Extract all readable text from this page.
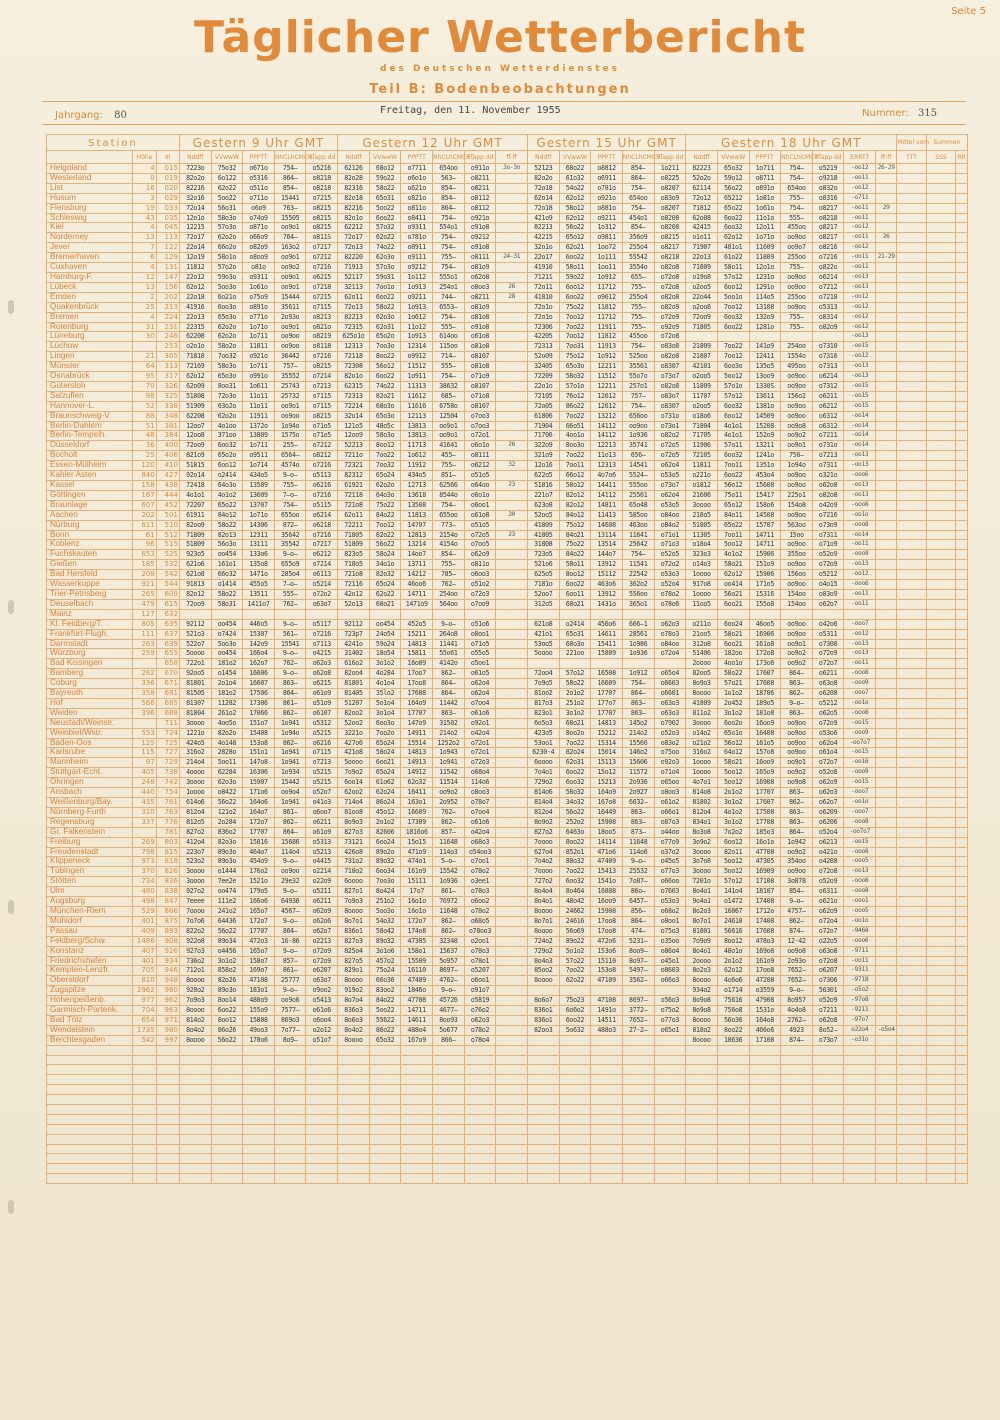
Seite 5
Täglicher Wetterbericht
des Deutschen Wetterdienstes
Teil B: Bodenbeobachtungen
Jahrgang: 80	Freitag, den 11. November 1955	Nummer: 315
Station			Gestern 9 Uhr GMT					Gestern 12 Uhr GMT						Gestern 15 Uhr GMT					Gestern 18 Uhr GMT							Mittel vom	Summen	
	Höhe	III	Nddff	VVwwW	PPPTT	NhCLhCMCH	TTapp dd	Nddff	VVwwW	PPPTT	NhCLhCMCH	TTapp dd	ff-ff	Nddff	VVwwW	PPPTT	NhCLhCMCH	TTapp dd	Nddff	VVwwW	PPPTT	NhCLhCMCH	TTapp dd	ERRTT	ff-ff	TTT	SSS	RR
Helgoland	4	015	7223o	75o32	o671o	754—	o5216	62126	68o12	o7711	654oo	o911o	3o-3o	52123	68o22	o8812	854—	1o211	82223	65o32	1o711	754—	o5219	-oo12	26-29			
Westerland	0	019	82o2o	6o122	o5316	864—	o8218	82o28	59o22	o6o1o	563—	o8211		82o2o	61o32	o6911	864—	o8225	52o2o	59o12	o8711	754—	o9218	-oo11				
List	16	020	82216	62o22	o511o	854—	o8218	82316	58o22	o621o	854—	o8211		72o18	54o22	o781o	754—	o8207	62114	56o22	o891o	654oo	o832o	-oo12				
Husum	3	029	32o16	5oo22	o711o	15441	o7215	82o18	65o31	o821o	854—	o8112		62o14	62o12	o921o	654oo	o83o9	72o12	65212	1o81o	755—	o8316	-o711				
Flensburg	19	033	72o14	56o31	o6o9	763—	o8215	82216	5oo22	o811o	864—	o8112		72o18	58o12	o881o	754—	o8207	71812	65o22	1o61o	754—	o8217	-oo11	29			
Schleswig	43	035	12o1o	58o3o	o74o9	15505	o8215	82o1o	6oo22	o8411	754—	o921o		421o9	62o12	o9211	454o1	o8208	62o08	6oo22	11o1o	555—	o8218	-oo11				
Kiel	4	045	12215	57o3o	o871o	oo9o1	o8215	62212	57o32	o9311	554o1	o91o8		82213	56o22	1o312	854—	o8208	42415	6oo32	12o11	455oo	o8217	-oo12				
Norderney	13	113	72o17	62o2o	o66o9	764—	o811S	72o17	62o22	o781o	754—	o9212		42215	65o12	o9811	356o9	o8215	o1o11	62o12	1o71o	oo9oo	o8217	-oo11	26			
Jever	7	122	22o14	66o2o	o82o9	163o2	o7217	72o13	74o22	o8911	754—	o91o8		32o1o	62o21	1oo72	255o4	o8217	71907	481o1	11609	oo9o7	o8216	-oo12				
Bremerhaven	6	129	12o19	58o1o	o8oo9	oo9o1	o7212	82220	62o3o	o9111	755—	o8111	24-31	22o17	6oo22	1o111	55542	o8218	22o13	61o22	11809	255oo	o7216	-oo11	21-29			
Cuxhaven	4	131	11812	57o2o	o81o	oo9o2	o7216	71913	57o3o	o9212	754—	o81o9		41910	58o11	1oo11	3554o	o82o8	71809	58o11	12o1o	755—	o822o	-oo11				
Hamburg-F.	12	147	22o12	59o3o	o9311	oo9o1	o6215	52117	59o31	1o112	555o1	o62o8		71211	59o22	1o912	655—	o72o8	o19o8	57o12	1231o	oo9oo	o6214	-oo13				
Lübeck	13	156	62o12	5oo3o	1o61o	oo9o1	o7218	32113	7oo1o	1o913	254o1	o8oo3	26	72o11	6oo12	11712	755—	o72o8	o2oo5	6oo12	1291o	oo9oo	o7212	-oo13				
Emden	2	202	22o18	6o21o	o75o9	15444	o7215	62o11	6oo22	o9211	744—	o8211	28	41810	6oo22	o9612	255o4	o82o8	22o44	5oo1o	114o5	255oo	o7218	-oo12				
Quakenbrück	25	213	41916	6oo3o	o891o	35611	o7115	72o13	58o22	1o913	6553—	o81o9		72o1o	75o22	11812	755—	o82o9	o2oo8	7oo12	13108	oo9oo	o5313	-oo12				
Bremen	4	224	22o13	65o3o	o771o	2o93o	o8213	82213	62o3o	1o612	754—	o81o8		72o1o	7oo12	11712	755—	o72o9	72oo9	6oo32	132o9	755—	o8314	-oo12				
Rotenburg	31	231	22315	62o2o	1o71o	oo9o1	o821o	72315	62o31	11o12	555—	o91o8		72306	7oo22	11911	755—	o92o9	71805	6oo22	1281o	755—	o82o9	-oo12				
Lüneburg	30	246	62208	62o2o	1o711	oo9oo	o8219	625o1o	65o2o	1o913	614oo	o61o8		42205	7oo12	11812	455oo	o72o8						-oo13				
Lüchow		253	o2o1o	58o2o	11811	oo9oo	o8118	12313	7oo3o	12314	115oo	o81o8		72313	7oo31	11913	754—	o83o8	21809	7oo22	141o9	254oo	o7310	-oo15				
Lingen	21	305	71810	7oo32	o921o	36442	o7216	72118	8oo22	o9912	714—	o8107		52o09	75o12	1o912	525oo	o82o8	21807	7oo12	12411	1554o	o7316	-oo12				
Münster	64	313	72169	58o3o	1o711	757—	o8215	72308	56o12	11512	555—	o81o8		32405	65o3o	12211	35561	o8307	42101	6oo3o	135o5	495oo	o7313	-oo13				
Osnabrück	95	317	62o12	65o3o	o991o	35552	o7214	82o1o	6oo22	1o911	754—	o71o9		72209	58o32	11512	55o7o	o73o7	o2oo5	5oo12	13oo9	oo9oo	o6214	-oo13				
Gütersloh	70	326	62o09	8oo31	1o611	25743	o7213	62315	74o22	11313	38632	o8107		22o1o	57o1o	12211	257o1	o82o8	11809	57o1o	1330S	oo9oo	o7312	-oo15				
Salzuflen	98	325	51808	72o3o	11o11	25732	o7115	72313	82o21	11612	685—	o71o8		72105	76o12	12612	757—	o83o7	11707	57o12	13611	156o2	o6211	-oo15				
Hannover-L.	52	338	51909	63o2o	11o11	oo9o1	o7115	72214	68o3o	11616	6758o	o8107		72o05	86o22	12612	754—	o8307	o2oo5	6oo32	1381o	oo9oo	o6212	-oo15				
Braunschweig-V.	88	348	62208	62o2o	11911	oo9oo	o8215	32o14	65o3o	12113	12504	o7oo3		61806	7oo22	13212	656oo	o731o	o18o6	6oo12	14509	oo9oo	o6312	-oo14				
Berlin-Dahlem	51	381	12oo7	4o1oo	1372o	1o94o	o71o5	121o5	48o5c	13813	oo9o1	o7oo3		71904	66o51	14112	oo9oo	o73o1	71804	4o1o1	15208	oo9o8	o6312	-oo14				
Berlin-Tempelh.	48	384	12oo8	371oo	13809	1575o	o71o5	12oo9	58o3o	13813	oo9o1	o72o1		71706	4oo1o	14112	1o936	o82o2	71705	4o1o1	152o9	oo9o2	o7211	-oo14				
Düsseldorf	36	400	72oo9	6oo32	1o711	255—	o7212	52213	8oo12	11713	41641	o6o1o	26	322o9	8oo3o	12213	35741	o72o5	11906	57o11	13211	oo9o1	o731o	-oo14				
Bocholt	25	406	821o9	65o2o	o9511	6564—	o8212	7211o	7oo22	1o612	455—	o8111		321o9	7oo22	11o13	656—	o72o5	72105	6oo32	1241o	756—	o7213	-oo13				
Essen-Mülheim	120	410	51815	6oo12	1o714	4574o	o7216	72321	7oo32	11912	755—	o6212	32	12o16	7oo11	12313	14541	o62o4	11811	7oo11	1351o	1o94o	o7311	-oo13				
Kahler Asten	840	427	92o14	o2414	434o5	9—o—	o5113	82312	65o24	434o5	851—	o51o5		622o5	66o12	4o7o6	5524—	o53o5	o221o	6oo22	453o4	oo9oo	o321o	-ooo6				
Kassel	158	438	72418	64o3o	13509	755—	o6216	61921	62o2o	12713	62566	o64oo	23	51816	58o12	14411	555oo	o73o7	o1812	56o12	15608	oo9oo	o62o8	-oo13				
Göttingen	167	444	4o1o1	4o1o2	13609	7—o—	o7216	72118	64o3o	13618	8544o	o6o1o		221o7	82o12	14112	25561	o62o4	21606	75o11	15417	225o1	o82o8	-oo13				
Braunlage	607	452	72207	65o22	13707	754—	o5115	721o8	75o22	13508	754—	o6oo1		623o8	82o12	14811	65o48	o53o5	3oooo	65o12	158o6	154o8	o42o9	-ooo8				
Aachen	202	501	61911	84o12	1o71o	655oo	o6214	62o11	84o22	11813	655oo	o61o8	30	52oo5	84o12	11413	585oo	o84oo	218o5	84o11	14508	oo9oo	o7216	-oo1o				
Nürburg	611	510	82oo9	58o22	14306	872—	o6218	72211	7oo12	14707	773—	o51o5		41809	75o12	14608	463oo	o84o2	51805	65o22	15707	563oo	o73o9	-ooo8				
Bonn	61	512	71809	82o13	12311	35642	o7216	71805	82o22	12813	2154o	o72o5	23	41805	84o21	13114	11641	o71o1	11305	7oo11	14711	15oo	o7311	-oo14				
Koblenz	96	515	51809	56o3o	13111	35542	o7217	51809	56o22	13214	4154o	o7oo5		31808	75o22	13514	25642	o71o3	o18o4	5oo12	14711	oo9oo	o71o9	-oo11				
Fuchskauten	653	525	923o5	oo454	133o6	9—o—	o6212	823o5	58o24	14oo7	854—	o62o9		723o5	84o22	144o7	754—	o52o5	323o3	4o1o2	15906	355oo	o52o9	-ooo8				
Gießen	185	532	621o6	161o1	135o8	655o9	o7214	718o5	34o1o	13711	755—	o811o		521o6	58o11	13912	11541	o72o2	o14o3	58o21	151o9	oo9oo	o72o9	-oo13				
Bad Hersfeld	208	542	621o8	66o32	1471o	285o4	o6113	721o8	82o32	14212	785—	o6oo3		625o5	8oo12	15112	22542	o53o3	1oooo	62o12	15906	156oo	o5212	-oo12				
Wasserkuppe	921	544	91813	o1414	455o5	7—o—	o5214	72116	65o24	46oo6	762—	o51o2		7181o	6oo22	463o6	362o2	o52o4	917o8	oo414	171o5	oo9oo	o4o15	-ooo6				
Trier-Petrisberg	265	609	82o12	58o22	13511	555—	o72o2	42o12	62o22	14711	254oo	o72o3		52oo7	6oo11	13912	556oo	o78o2	1oooo	56o21	15316	154oo	o83o9	-oo11				
Deuselbach	479	615	72oo9	58o31	1411o7	762—	o63o7	52o13	68o21	1471o9	564oo	o7oo9		312o5	68o21	1431o	365o1	o78o6	11oo5	6oo21	155o8	154oo	o62o7	-oo11				
Mainz	127	632																										
Kl. Feldberg/T.	805	635	92112	oo454	446o5	9—o—	o5117	92112	oo454	452o5	9—o—	o51o6		621o8	o2414	456o6	666—1	o62o3	o211o	6oo24	46oo5	oo9oo	o42o6	-ooo7				
Frankfurt-Flugh.	111	637	521o3	o7424	15307	561—	o7216	723p7	24o54	15211	264o8	o8oo1		421o1	65o31	14611	28561	o78o3	21oo5	58o21	16906	oo9oo	o5311	-oo12				
Darmstadt	263	639	522o7	5oo3o	142o9	15541	o7113	4241o	59o24	14813	11441	o71o5		53oo5	68o3o	15411	1o986	o84oo	312o8	6oo21	161o8	oo9o1	o7308	-oo13				
Würzburg	259	655	5oooo	oo454	166o4	9—o—	o4215	31402	18o54	15811	55o61	o55o5		5oooo	221oo	15809	1o936	o72o4	51406	182oo	172o8	oo9o2	o72o9	-oo13				
Bad Kissingen		658	722o1	181o2	162o7	762—	o62o3	616o2	3o1o2	16o09	4142o	o5oo1							2oooo	4oo1o	173o6	oo9o2	o72o7	-oo11				
Bamberg	282	670	92oo5	o1454	16606	9—o—	o62o8	82oo4	4o284	17oo7	862—	o61o5		72oo4	57o12	16508	1o912	o65o4	82oo5	58o22	17607	864—	o6211	-ooo8				
Coburg	336	671	81801	2o1o4	16607	863—	o6215	81801	4o1o4	17oo8	864—	o62o4		7o9o5	58o22	16609	754—	o6603	8o9o3	57o21	17608	863—	o63o8	-ooo9				
Bayreuth	358	681	81505	181o2	17506	864—	o61o9	81405	35lo2	17608	864—	o62o4		81oo2	2o1o2	17707	864—	o6601	8oooo	1o1o2	18706	862—	o6208	-ooo7				
Hof	566	685	81307	11282	17306	861—	o51o9	51207	5o1o4	164o9	11442	o7oo4		817o3	251o2	177o7	863—	o63o3	41809	2o452	189o5	9—o—	o5212	-oo1o				
Weiden	396	688	81804	261o2	17066	862—	o6107	82oo2	3o1o4	17707	863—	o61o6		823o1	3o1o2	17707	863—	o63o3	811o2	3o1o2	181o8	863—	o62o5	-ooo8				
Neustadt/Weinstr.		711	3oooo	4oo5o	151o7	1o941	o5312	52oo2	6oo3o	147o9	31502	o92o1		6o5o3	68o21	14813	145o2	o7902	3oooo	6oo2o	16oo9	oo9oo	o72o9	-oo15				
Weinbiet/Wstr.	553	724	1221o	82o2o	15408	1o94o	o5215	3221o	7oo2o	14911	214o2	o42o4		423o5	8oo2o	15212	214o2	o52o3	o14o2	65o1o	16408	oo9oo	o53o6	-ooo9				
Baden-Oos	125	725	424o5	4o148	153o8	862—	o6216	427o6	65o24	15514	1252o2	o72o1		53oo1	7oo22	15314	15566	o83o2	o21o2	56o12	161o5	oo9oo	o62o4	-oo7o7				
Karlsruhe	115	727	316o2	2828o	151o1	1o941	o7115	421o8	58o24	14813	1o943	o72o1		6230-4	82o24	15014	146o2	o75oo	316o2	64o12	157o8	oo9oo	o61o4	-oo15				
Mannheim	97	729	214o4	5oo11	147o8	1o941	o7213	5oooo	6oo21	14913	1o941	o72o3		6oooo	62o31	15113	15606	o92o3	1oooo	58o21	16oo9	oo9o1	o72o7	-oo16				
Stuttgart-Echt.	405	738	4oooo	62284	16306	1o934	o5215	7o9o2	65o24	14912	11542	o68o4		7o4o1	6oo22	15o12	11572	o71o4	1oooo	5oo12	165o9	oo9o2	o52o8	-ooo9				
Öhringen	248	742	3oooo	62o3o	15907	15442	o5215	6oo14	61o62	62o32	11514	114o6		729o2	6oo32	15213	2o936	o65oo	4o7o1	5oo12	16908	oo9o8	o62o9	-oo15				
Ansbach	440	754	1oooo	o8422	171o6	oo9o4	o52o7	62oo2	62o24	16411	oo9o2	o8oo3		814o6	58o32	164o9	2o927	o8oo3	814o8	2o1o2	17707	863—	o62o3	-ooo7				
Weißenburg/Bay.	435	761	614o6	56o22	164o6	1o941	o41o3	714o4	86o24	163o1	2o952	o78o7		814o4	34o32	167o8	6632—	o61o2	81802	3o1o2	17607	862—	o62o7	-oo1o				
Nürnberg-Furth	310	763	812o4	121o2	164o7	861—	o6oo7	81oo8	45o12	16609	762—	o7oo4		812o4	56o22	16449	863—	o66o1	812o4	4o1o2	17508	863—	o6209	-ooo7				
Regensburg	337	776	812o5	2o284	172o7	862—	o6211	8o9o3	2o1o2	17309	862—	o61o6		8o9o2	252o2	15908	863—	o87o3	834o1	3o1o2	17708	863—	o6206	-ooo8				
Gr. Falkenstein		781	827o2	836o2	17707	864—	o61o9	827o3	82606	1816o6	857—	o42o4		827o2	6463o	18oo5	873—	o44oo	8o3o8	7o2o2	185o3	864—	o52o4	-oo7o7				
Freiburg	269	803	412o4	82o3o	15816	15686	o5313	73121	6oo24	15o15	11648	o68o3		7oooo	8oo22	14114	11648	o77o9	3o9o2	6oo12	16o1o	1o942	o6213	-oo15				
Freudenstadt	798	815	223o7	89o3o	464o7	114o4	o5213	426o8	89o2o	471o9	114o3	o54oo3		627o4	852o1	471o6	114o6	o37o2	3oooo	82o11	47708	oo9o2	o421o	-ooo8				
Klippeneck	973	818	523o2	89o3o	454o9	9—o—	o4415	731o2	89o32	474o1	5—o—	o7oo1		7o4o2	88o32	47409	9—o—	o45o5	3o7o8	5oo12	47305	354oo	o4208	-ooo5				
Tübingen	370	826	3oooo	o1444	176o2	oo9oo	o2214	718o2	6oo34	161o9	15542	o78o2		7oooo	7oo22	15413	25532	o77o3	3oooo	5oo12	16909	oo9oo	o72o8	-oo13				
Stötten	734	836	3oooo	7ee2e	1521o	29e32	o22o9	6oooo	7oo3o	15111	1o936	o3ee1		727o2	6oo32	1541o	7o87—	o66oo	7201o	57o12	17108	3o878	o52o9	-ooo8				
Ulm	480	838	927o2	oo474	179o5	9—o—	o5211	827o1	8o424	17o7	861—	o78o3		8o4o4	8o464	16808	86o—	o7603	8o4o1	141o4	18107	854—	o6311	-ooo8				
Augsburg	498	847	7eeee	111e2	166o6	64936	o6211	7o9o3	251o2	16o1o	76972	o6oo2		8o4o1	48o42	16oo9	6457—	o53o3	9o4o1	o1472	17408	9—o—	o621o	-ooo1				
München-Riem	529	866	7oooo	241o2	165o7	4567—	o62o9	8oooo	5oo3o	16o1o	11648	o78o2		8oooo	24662	15908	856—	o68o2	8o2o3	16867	1712o	4757—	o62o9	-ooo5				
Mühldorf	401	875	7o7o6	64436	172o7	9—o—	o62o6	8o7o1	54o32	172o7	862—	o68o5		8o7o1	24616	17oo8	864—	o8oo1	8o7o1	24618	17408	862—	o72o4	-oo1o				
Passau	409	893	822o2	56o22	17707	864—	o62o7	836o1	58o42	174o8	862—	o78oo3		8oooo	56o69	17oo8	474—	o75o3	81801	56616	17608	874—	o72o7	-9468				
Feldberg/Schw.	1486	908	922o8	89o34	472o3	16-86	o2213	827o3	89o32	47305	32348	o2oo1		724o2	89o22	472o6	5231—	o35oo	7o9o9	8oo12	478o3	12-42	o22o5	-ooo6				
Konstanz	407	926	927o3	o4456	165o7	9—o—	o72o9	825o4	3o1o6	158o1	15637	o78o3		729o2	5o1o2	153o6	8oo9—	o86o4	8o4o1	48o1o	169o8	oo9o8	o63o8	-9711				
Friedrichshafen	401	934	736o2	3o1o2	158o7	857—	o72o9	827o5	457o2	15509	5o957	o78o1		8o4o3	57o22	15110	8o97—	o45o1	2oooo	2o1o2	161o9	2o93o	o72o8	-oo11				
Kempten-Lenzfr.	705	946	712o1	858o2	169o7	861—	o6207	829o1	75o24	16110	8697—	o5207		85oo2	7oo22	153o8	5497—	o8603	8o2o3	62o12	17oo8	7652—	o6207	-9311				
Oberstdorf	810	948	8oooo	82o26	47108	25777	o63o7	8oooo	66o36	47409	4762—	o6oo1		8oooo	62o22	47109	3562—	o66o3	8oooo	4o6o6	47208	7652—	o7306	-9718				
Zugspitze	2962	960	928o2	89o3o	183o1	9—o—	o9oo2	919o2	83oo2	1846o	9—o—	o91o7							934o2	o1714	o3559	9—o—	56301	-o5o2				
Hohenpeißenb.	977	962	7o9o3	8oo14	480o9	oo9o6	o5413	8o7o4	84o22	47708	45726	o5819		8o6o7	75o23	47108	8697—	o56o3	8o9o8	75616	47908	8o957	o52o9	-97o8				
Garmisch-Partenk.	704	963	8oooo	6oo22	155o9	7577—	o61o6	836o3	5oo22	14711	4677—	o76o2		836o1	6o6o2	1491o	3772—	o75o2	8o9o8	756o8	1531o	4o4o8	o7211	-9211				
Bad Tölz	654	971	814o2	8oo12	15808	869o3	o6oo4	8o6o3	55622	14611	8oo93	o62o3		836o1	6oo22	14511	7652—	o77o3	8oooo	56o36	164o8	2762—	o62o8	-97o7				
Wendelstein	1735	980	8o4o2	86o26	49oo3	7o77—	o2o12	8o4o2	86o22	488o4	5o677	o78o2		82oo3	5o632	488o3	27-2—	o65o1	818o2	8oo22	466o6	4923	8o52—	o22o4	-o5o4			
Berchtesgaden	542	997	8oooo	56o22	178o6	8o9—	o51o7	8oooo	65o32	167o9	866—	o78o4							8oooo	18636	17108	874—	o73o7	-o31o				
